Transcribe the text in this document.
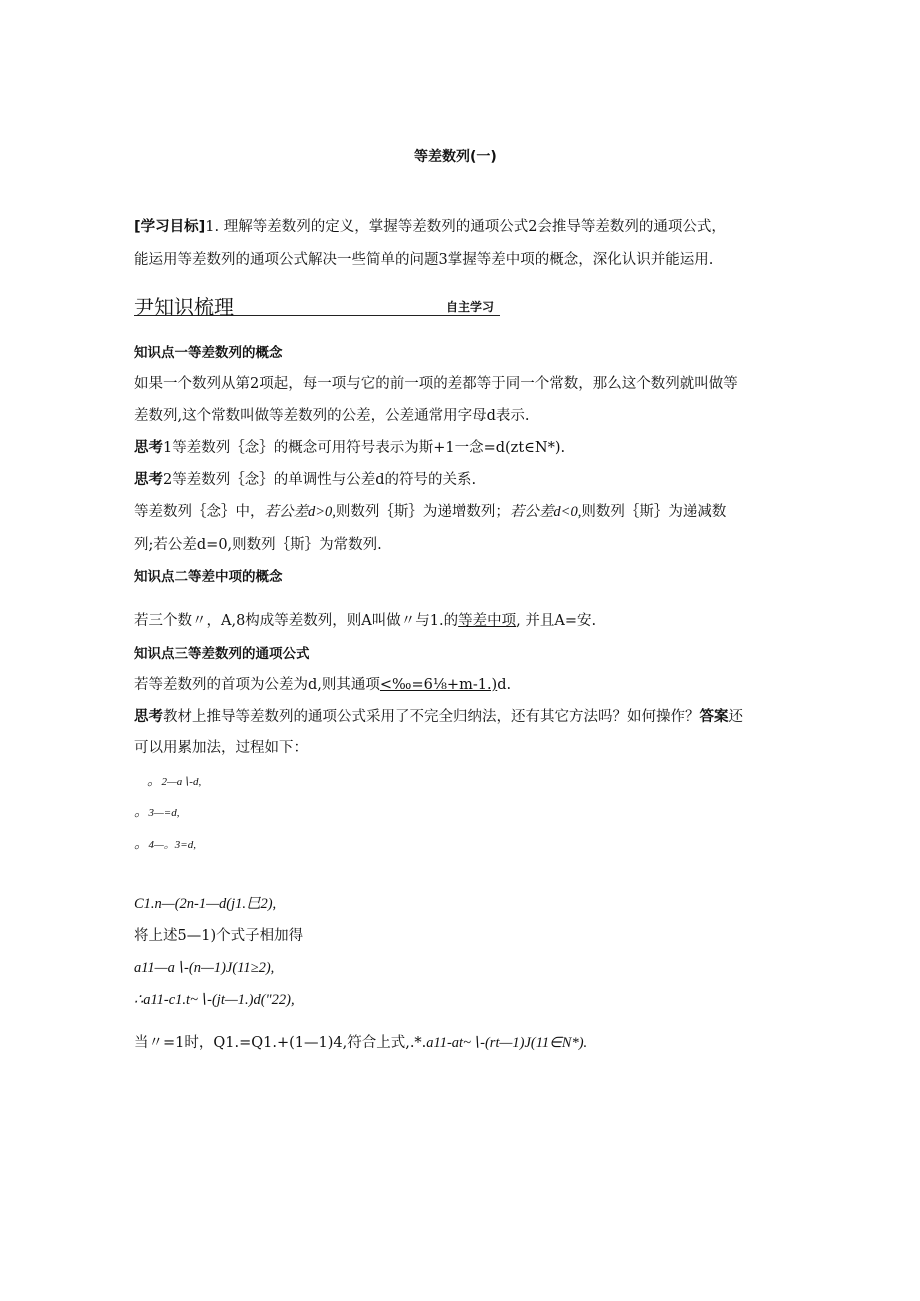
等差数列(一)
[学习目标]1. 理解等差数列的定义，掌握等差数列的通项公式2会推导等差数列的通项公式，
能运用等差数列的通项公式解决一些简单的问题3掌握等差中项的概念，深化认识并能运用.
尹知识梳理	自主学习
知识点一等差数列的概念
如果一个数列从第2项起，每一项与它的前一项的差都等于同一个常数，那么这个数列就叫做等
差数列,这个常数叫做等差数列的公差，公差通常用字母d表示.
思考1等差数列｛念｝的概念可用符号表示为斯+1一念=d(zt∈N*).
思考2等差数列｛念｝的单调性与公差d的符号的关系.
等差数列｛念｝中，若公差d>0,则数列｛斯｝为递增数列；若公差d<0,则数列｛斯｝为递减数
列;若公差d=0,则数列｛斯｝为常数列.
知识点二等差中项的概念
若三个数〃，A,8构成等差数列，则A叫做〃与1.的等差中项, 并且A=安.
知识点三等差数列的通项公式
若等差数列的首项为公差为d,则其通项<‰=6⅛+m-1.)d.
思考教材上推导等差数列的通项公式采用了不完全归纳法，还有其它方法吗？如何操作？答案还
可以用累加法，过程如下：
。2—a∖-d,
。3—=d,
。4—。3=d,
C1.n—(2n-1—d(j1.巳2),
将上述5—1)个式子相加得
a11—a∖-(n—1)J(11≥2),
∴a11-c1.t~∖-(jt—1.)d("22),
当〃=1时，Q1.=Q1.+(1—1)4,符合上式,.*.a11-at~∖-(rt—1)J(11∈N*).
